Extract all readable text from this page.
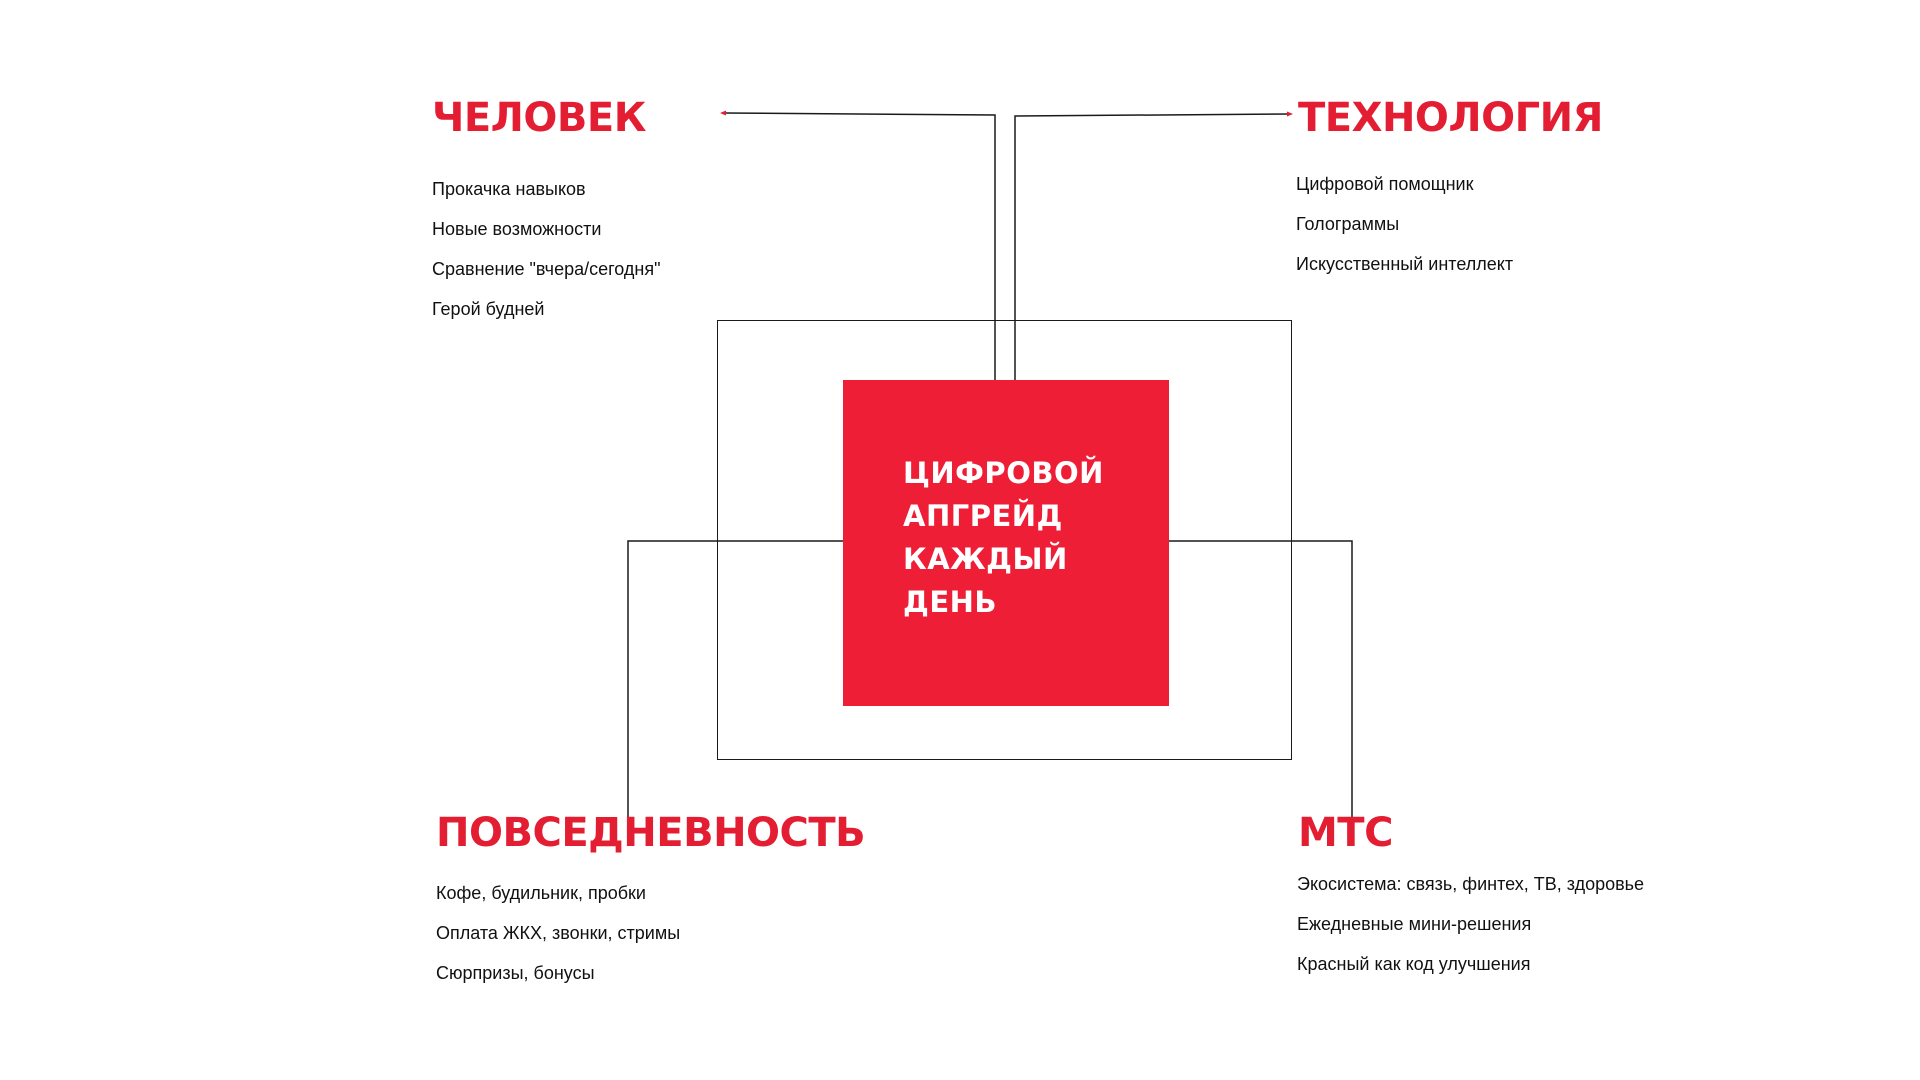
ЦИФРОВОЙ
АПГРЕЙД
КАЖДЫЙ
ДЕНЬ
ЧЕЛОВЕК
Прокачка навыков
Новые возможности
Сравнение "вчера/сегодня"
Герой будней
ТЕХНОЛОГИЯ
Цифровой помощник
Голограммы
Искусственный интеллект
ПОВСЕДНЕВНОСТЬ
Кофе, будильник, пробки
Оплата ЖКХ, звонки, стримы
Сюрпризы, бонусы
МТС
Экосистема: связь, финтех, ТВ, здоровье
Ежедневные мини-решения
Красный как код улучшения
